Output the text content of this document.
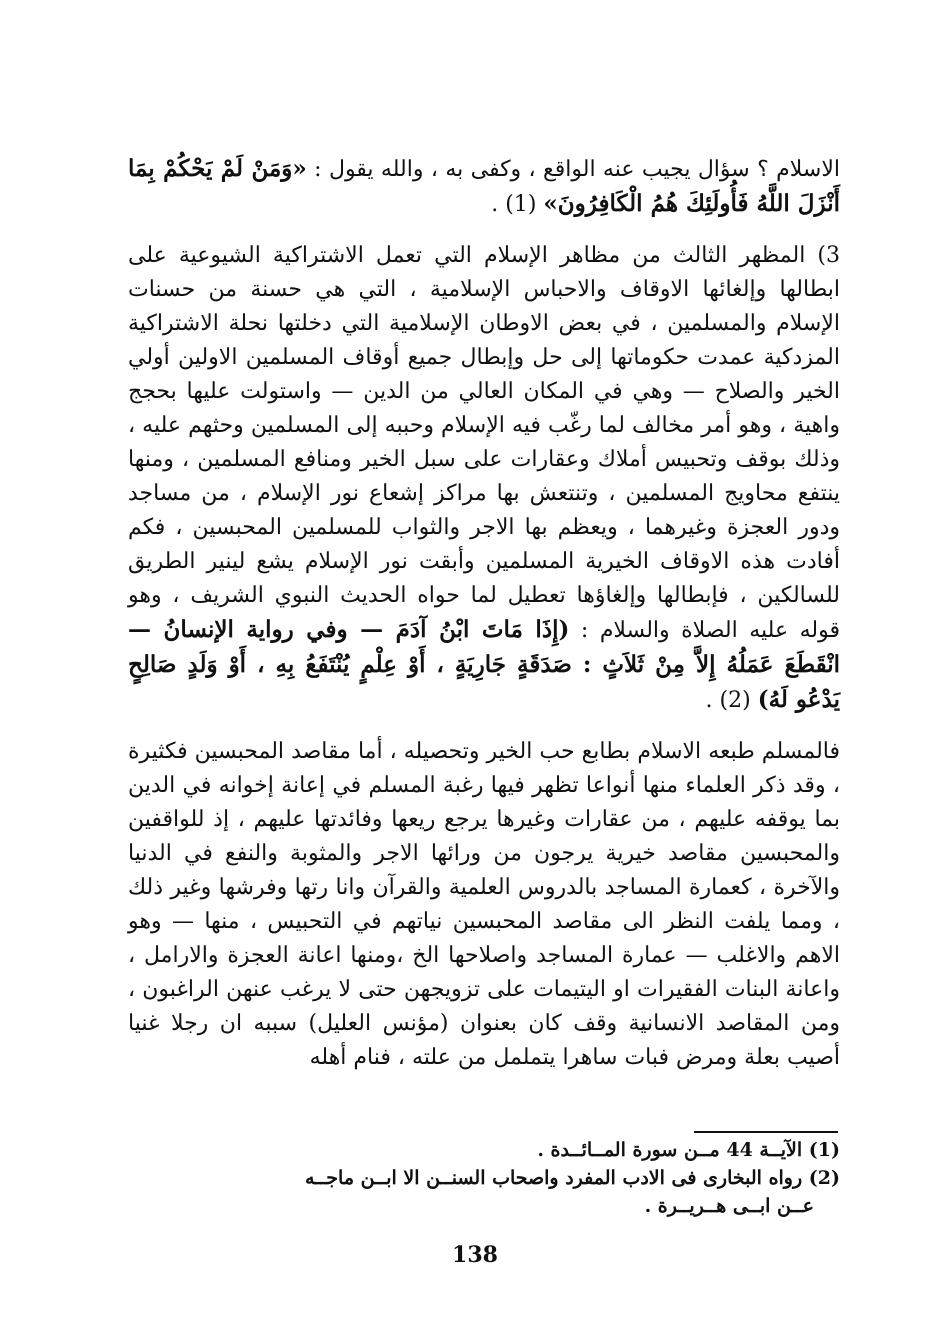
الاسلام ؟ سؤال يجيب عنه الواقع ، وكفى به ، والله يقول : «وَمَنْ لَمْ يَحْكُمْ بِمَا أَنْزَلَ اللَّهُ فَأُولَئِكَ هُمُ الْكَافِرُونَ» (1) .

3) المظهر الثالث من مظاهر الإسلام التي تعمل الاشتراكية الشيوعية على ابطالها وإلغائها الاوقاف والاحباس الإسلامية ، التي هي حسنة من حسنات الإسلام والمسلمين ، في بعض الاوطان الإسلامية التي دخلتها نحلة الاشتراكية المزدكية عمدت حكوماتها إلى حل وإبطال جميع أوقاف المسلمين الاولين أولي الخير والصلاح — وهي في المكان العالي من الدين — واستولت عليها بحجج واهية ، وهو أمر مخالف لما رغّب فيه الإسلام وحببه إلى المسلمين وحثهم عليه ، وذلك بوقف وتحبيس أملاك وعقارات على سبل الخير ومنافع المسلمين ، ومنها ينتفع محاويج المسلمين ، وتنتعش بها مراكز إشعاع نور الإسلام ، من مساجد ودور العجزة وغيرهما ، ويعظم بها الاجر والثواب للمسلمين المحبسين ، فكم أفادت هذه الاوقاف الخيرية المسلمين وأبقت نور الإسلام يشع لينير الطريق للسالكين ، فإبطالها وإلغاؤها تعطيل لما حواه الحديث النبوي الشريف ، وهو قوله عليه الصلاة والسلام : (إِذَا مَاتَ ابْنُ آدَمَ — وفي رواية الإنسانُ — انْقَطَعَ عَمَلُهُ إِلاَّ مِنْ ثَلاَثٍ : صَدَقَةٍ جَارِيَةٍ ، أَوْ عِلْمٍ يُنْتَفَعُ بِهِ ، أَوْ وَلَدٍ صَالِحٍ يَدْعُو لَهُ) (2) .

فالمسلم طبعه الاسلام بطابع حب الخير وتحصيله ، أما مقاصد المحبسين فكثيرة ، وقد ذكر العلماء منها أنواعا تظهر فيها رغبة المسلم في إعانة إخوانه في الدين بما يوقفه عليهم ، من عقارات وغيرها يرجع ريعها وفائدتها عليهم ، إذ للواقفين والمحبسين مقاصد خيرية يرجون من ورائها الاجر والمثوبة والنفع في الدنيا والآخرة ، كعمارة المساجد بالدروس العلمية والقرآن وانا رتها وفرشها وغير ذلك ، ومما يلفت النظر الى مقاصد المحبسين نياتهم في التحبيس ، منها — وهو الاهم والاغلب — عمارة المساجد واصلاحها الخ ،ومنها اعانة العجزة والارامل ، واعانة البنات الفقيرات او اليتيمات على تزويجهن حتى لا يرغب عنهن الراغبون ، ومن المقاصد الانسانية وقف كان بعنوان (مؤنس العليل) سببه ان رجلا غنيا أصيب بعلة ومرض فبات ساهرا يتململ من علته ، فنام أهله

(1) الآيــة 44 مــن سورة المــائــدة .

(2) رواه البخارى فى الادب المفرد واصحاب السنــن الا ابــن ماجــه

عــن ابــى هــريــرة .

138
